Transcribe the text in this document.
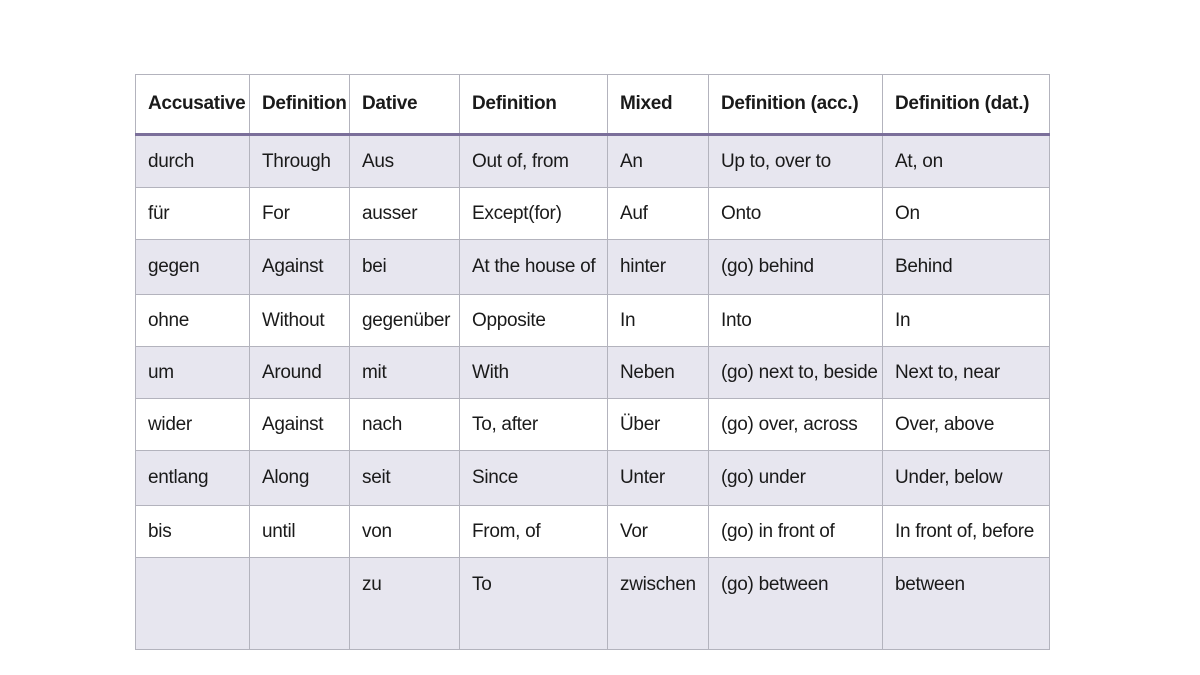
Accusative	Definition	Dative	Definition	Mixed	Definition (acc.)	Definition (dat.)
durch	Through	Aus	Out of, from	An	Up to, over to	At, on
für	For	ausser	Except(for)	Auf	Onto	On
gegen	Against	bei	At the house of	hinter	(go) behind	Behind
ohne	Without	gegenüber	Opposite	In	Into	In
um	Around	mit	With	Neben	(go) next to, beside	Next to, near
wider	Against	nach	To, after	Über	(go) over, across	Over, above
entlang	Along	seit	Since	Unter	(go) under	Under, below
bis	until	von	From, of	Vor	(go) in front of	In front of, before
		zu	To	zwischen	(go) between	between
